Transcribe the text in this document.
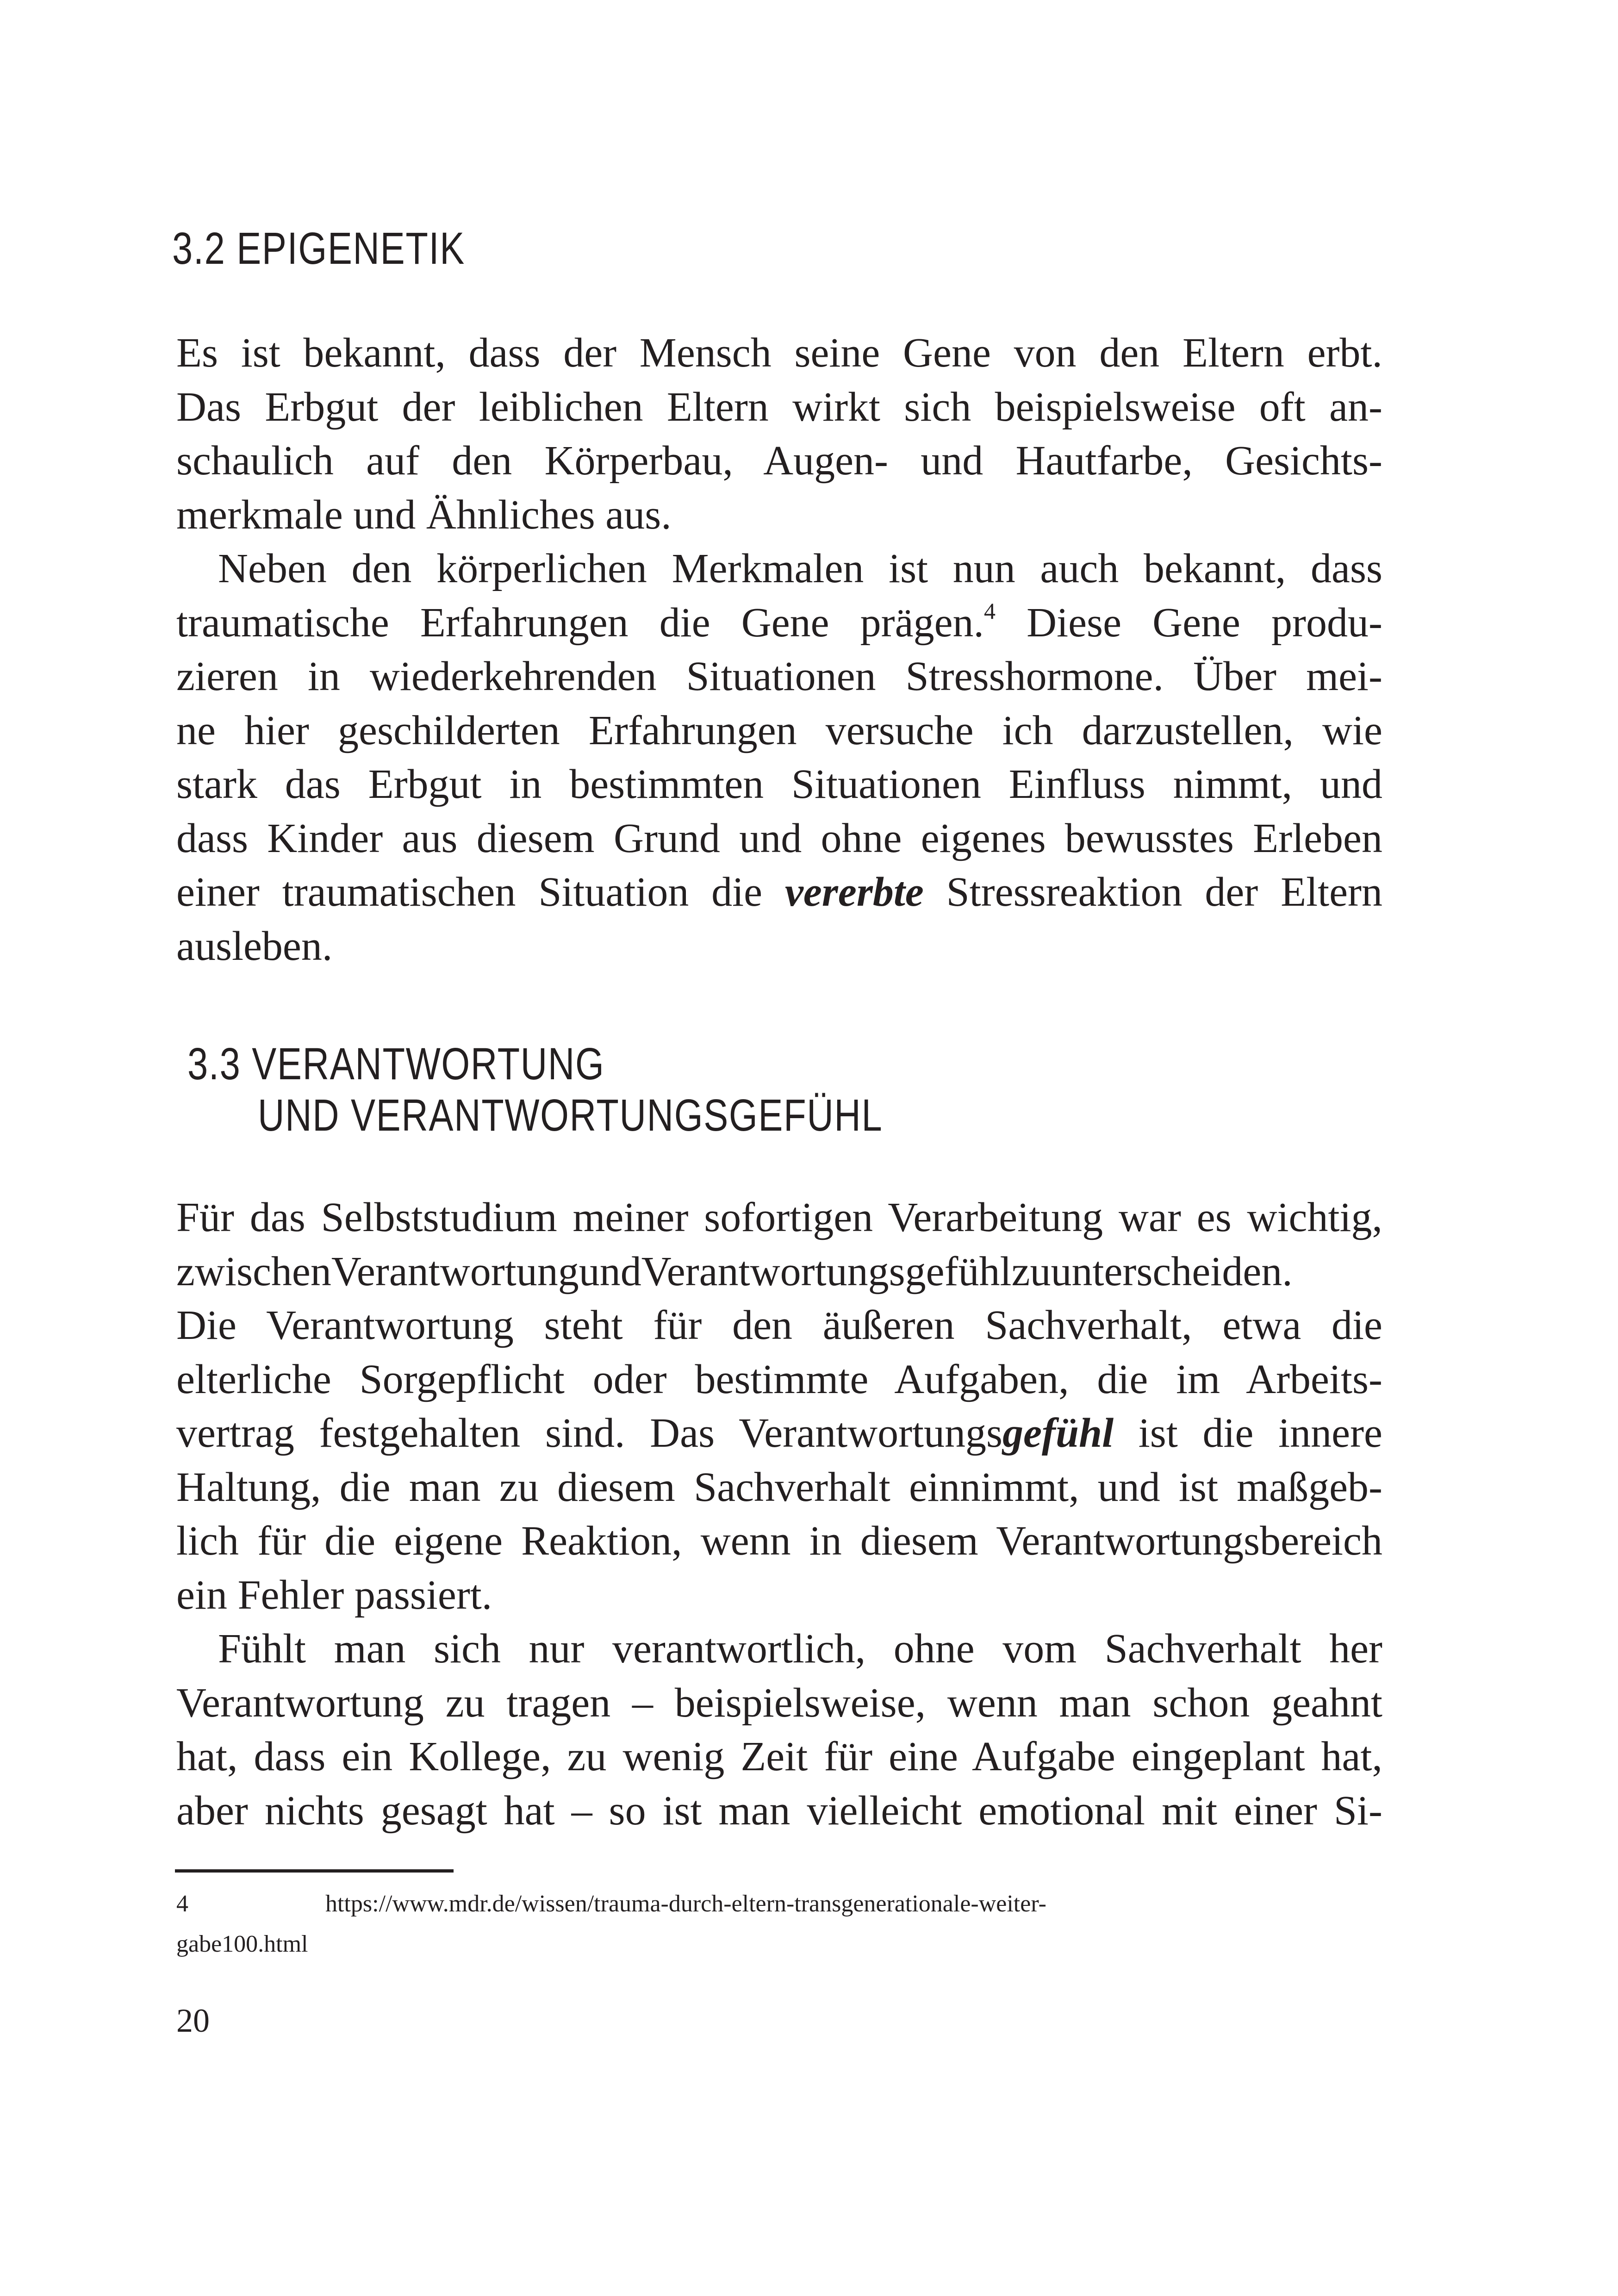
3.2 EPIGENETIK
3.3 VERANTWORTUNG
UND VERANTWORTUNGSGEFÜHL
Es ist bekannt, dass der Mensch seine Gene von den Eltern erbt.
Das Erbgut der leiblichen Eltern wirkt sich beispielsweise oft an-
schaulich auf den Körperbau, Augen- und Hautfarbe, Gesichts-
merkmale und Ähnliches aus.
Neben den körperlichen Merkmalen ist nun auch bekannt, dass
traumatische Erfahrungen die Gene prägen.$^4$ Diese Gene produ-
zieren in wiederkehrenden Situationen Stresshormone. Über mei-
ne hier geschilderten Erfahrungen versuche ich darzustellen, wie
stark das Erbgut in bestimmten Situationen Einfluss nimmt, und
dass Kinder aus diesem Grund und ohne eigenes bewusstes Erleben
einer traumatischen Situation die vererbte Stressreaktion der Eltern
ausleben.
Für das Selbststudium meiner sofortigen Verarbeitung war es wichtig,
zwischenVerantwortungundVerantwortungsgefühlzuunterscheiden.
Die Verantwortung steht für den äußeren Sachverhalt, etwa die
elterliche Sorgepflicht oder bestimmte Aufgaben, die im Arbeits-
vertrag festgehalten sind. Das Verantwortungsgefühl ist die innere
Haltung, die man zu diesem Sachverhalt einnimmt, und ist maßgeb-
lich für die eigene Reaktion, wenn in diesem Verantwortungsbereich
ein Fehler passiert.
Fühlt man sich nur verantwortlich, ohne vom Sachverhalt her
Verantwortung zu tragen – beispielsweise, wenn man schon geahnt
hat, dass ein Kollege, zu wenig Zeit für eine Aufgabe eingeplant hat,
aber nichts gesagt hat – so ist man vielleicht emotional mit einer Si-
4	https://www.mdr.de/wissen/trauma-durch-eltern-transgenerationale-weiter-
gabe100.html
20
